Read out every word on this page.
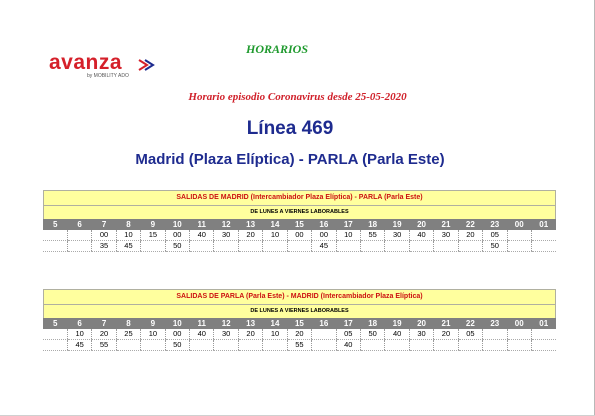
avanza
by MOBILITY ADO
HORARIOS
Horario episodio Coronavirus desde 25-05-2020
Línea 469
Madrid (Plaza Elíptica) - PARLA (Parla Este)
SALIDAS DE MADRID (Intercambiador Plaza Elíptica) - PARLA (Parla Este)
DE LUNES A VIERNES LABORABLES
5	6	7	8	9	10	11	12	13	14	15	16	17	18	19	20	21	22	23	00	01
		00	10	15	00	40	30	20	10	00	00	10	55	30	40	30	20	05		
		35	45		50						45							50		
SALIDAS DE PARLA (Parla Este) - MADRID (Intercambiador Plaza Elíptica)
DE LUNES A VIERNES LABORABLES
5	6	7	8	9	10	11	12	13	14	15	16	17	18	19	20	21	22	23	00	01
	10	20	25	10	00	40	30	20	10	20		05	50	40	30	20	05			
	45	55			50					55		40								
